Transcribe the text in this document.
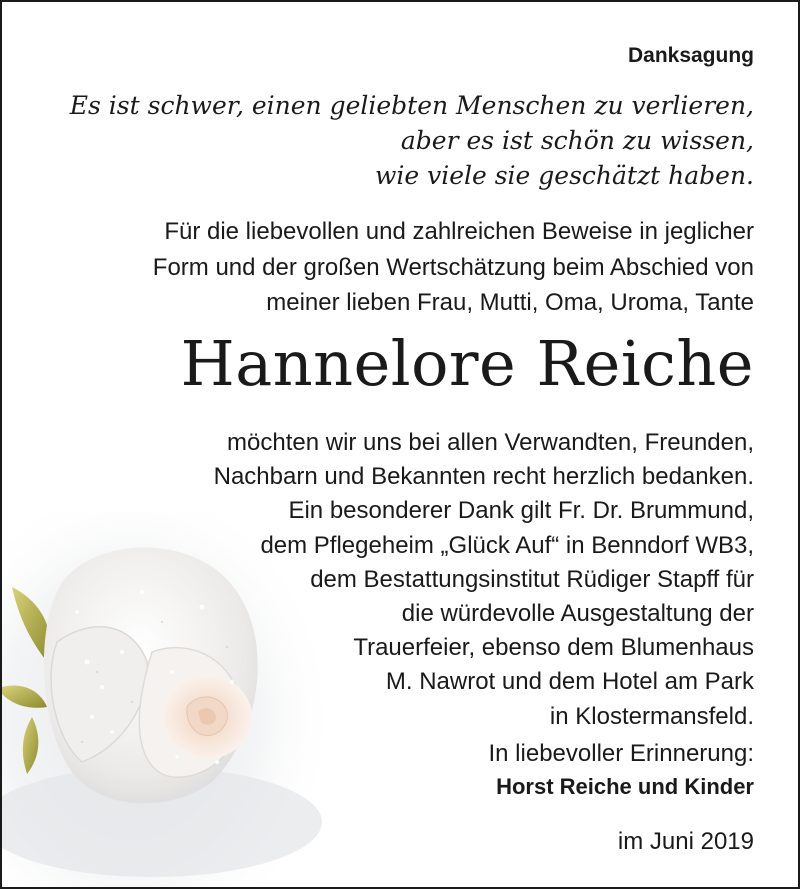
Danksagung
Es ist schwer, einen geliebten Menschen zu verlieren,
aber es ist schön zu wissen,
wie viele sie geschätzt haben.
Für die liebevollen und zahlreichen Beweise in jeglicher
Form und der großen Wertschätzung beim Abschied von
meiner lieben Frau, Mutti, Oma, Uroma, Tante
Hannelore Reiche
möchten wir uns bei allen Verwandten, Freunden,
Nachbarn und Bekannten recht herzlich bedanken.
Ein besonderer Dank gilt Fr. Dr. Brummund,
dem Pflegeheim „Glück Auf“ in Benndorf WB3,
dem Bestattungsinstitut Rüdiger Stapff für
die würdevolle Ausgestaltung der
Trauerfeier, ebenso dem Blumenhaus
M. Nawrot und dem Hotel am Park
in Klostermansfeld.
In liebevoller Erinnerung:
Horst Reiche und Kinder
im Juni 2019
